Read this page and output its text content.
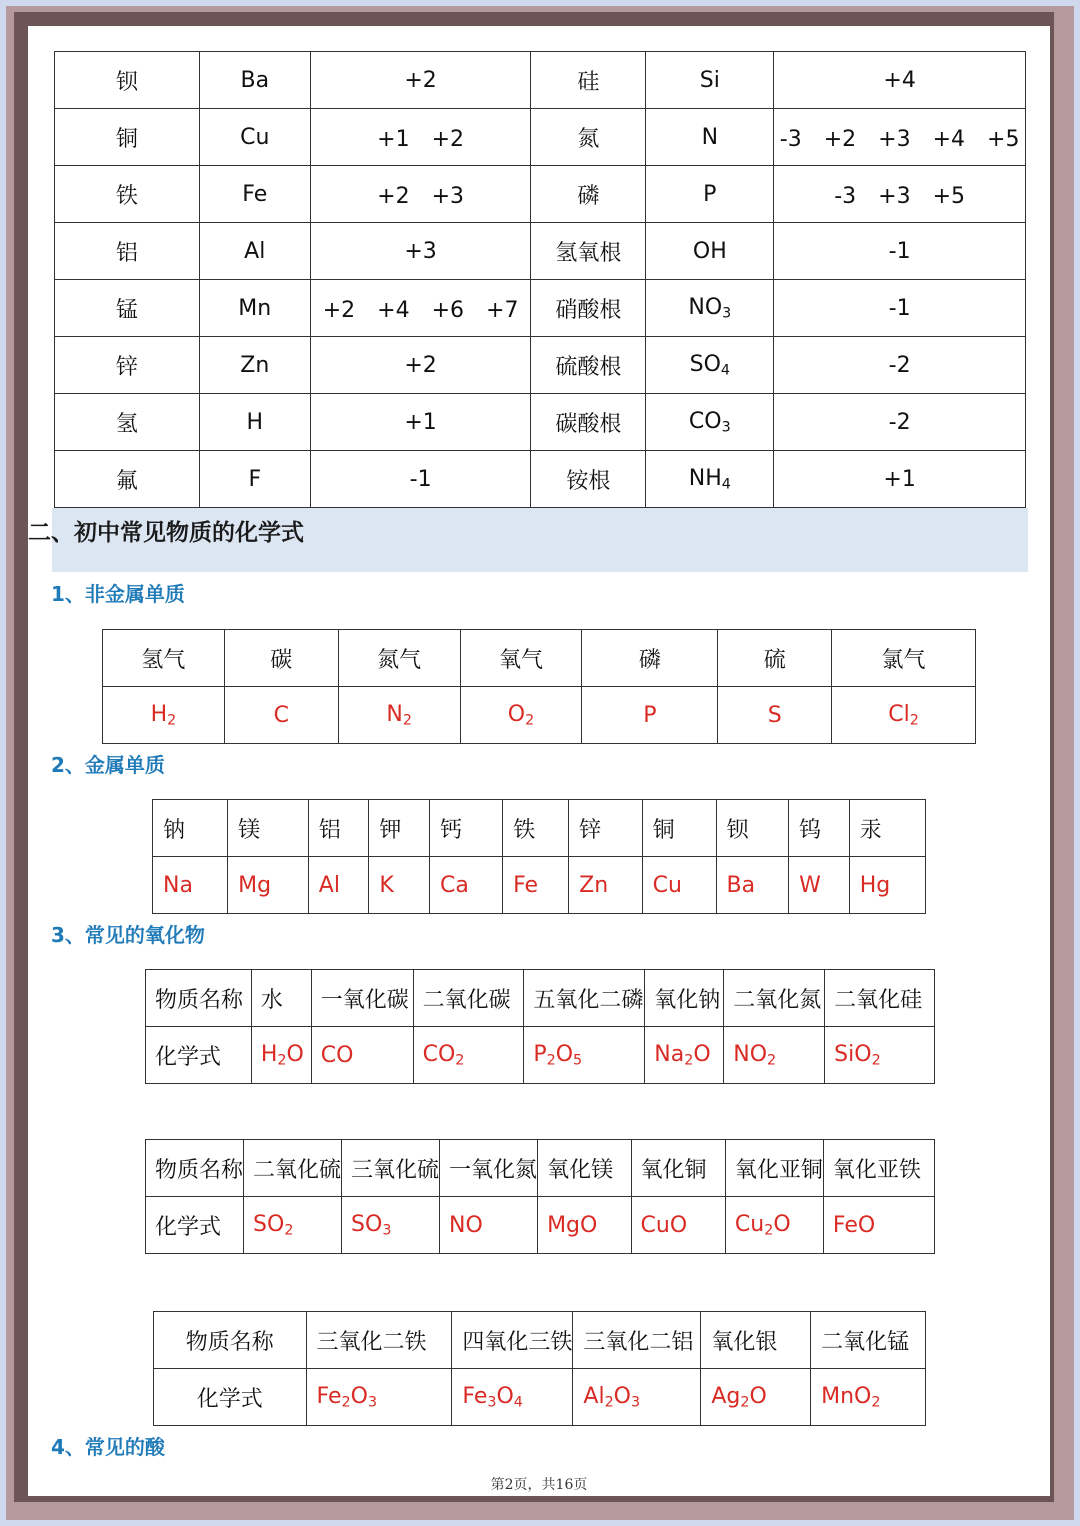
钡	Ba	+2	硅	Si	+4
铜	Cu	+1　+2	氮	N	-3　+2　+3　+4　+5
铁	Fe	+2　+3	磷	P	-3　+3　+5
铝	Al	+3	氢氧根	OH	-1
锰	Mn	+2　+4　+6　+7	硝酸根	$NO_3$	-1
锌	Zn	+2	硫酸根	$SO_4$	-2
氢	H	+1	碳酸根	$CO_3$	-2
氟	F	-1	铵根	$NH_4$	+1
二、初中常见物质的化学式
1、非金属单质
氢气	碳	氮气	氧气	磷	硫	氯气
$H_2$	C	$N_2$	$O_2$	P	S	$Cl_2$
2、金属单质
钠	镁	铝	钾	钙	铁	锌	铜	钡	钨	汞
Na	Mg	Al	K	Ca	Fe	Zn	Cu	Ba	W	Hg
3、常见的氧化物
物质名称	水	一氧化碳	二氧化碳	五氧化二磷	氧化钠	二氧化氮	二氧化硅
化学式	$H_2O$	CO	$CO_2$	$P_2O_5$	$Na_2O$	$NO_2$	SiO$_2$
物质名称	二氧化硫	三氧化硫	一氧化氮	氧化镁	氧化铜	氧化亚铜	氧化亚铁
化学式	$SO_2$	$SO_3$	NO	MgO	CuO	$Cu_2O$	FeO
物质名称	三氧化二铁	四氧化三铁	三氧化二铝	氧化银	二氧化锰
化学式	$Fe_2O_3$	$Fe_3O_4$	$Al_2O_3$	$Ag_2O$	MnO$_2$
4、常见的酸
第2页，共16页
